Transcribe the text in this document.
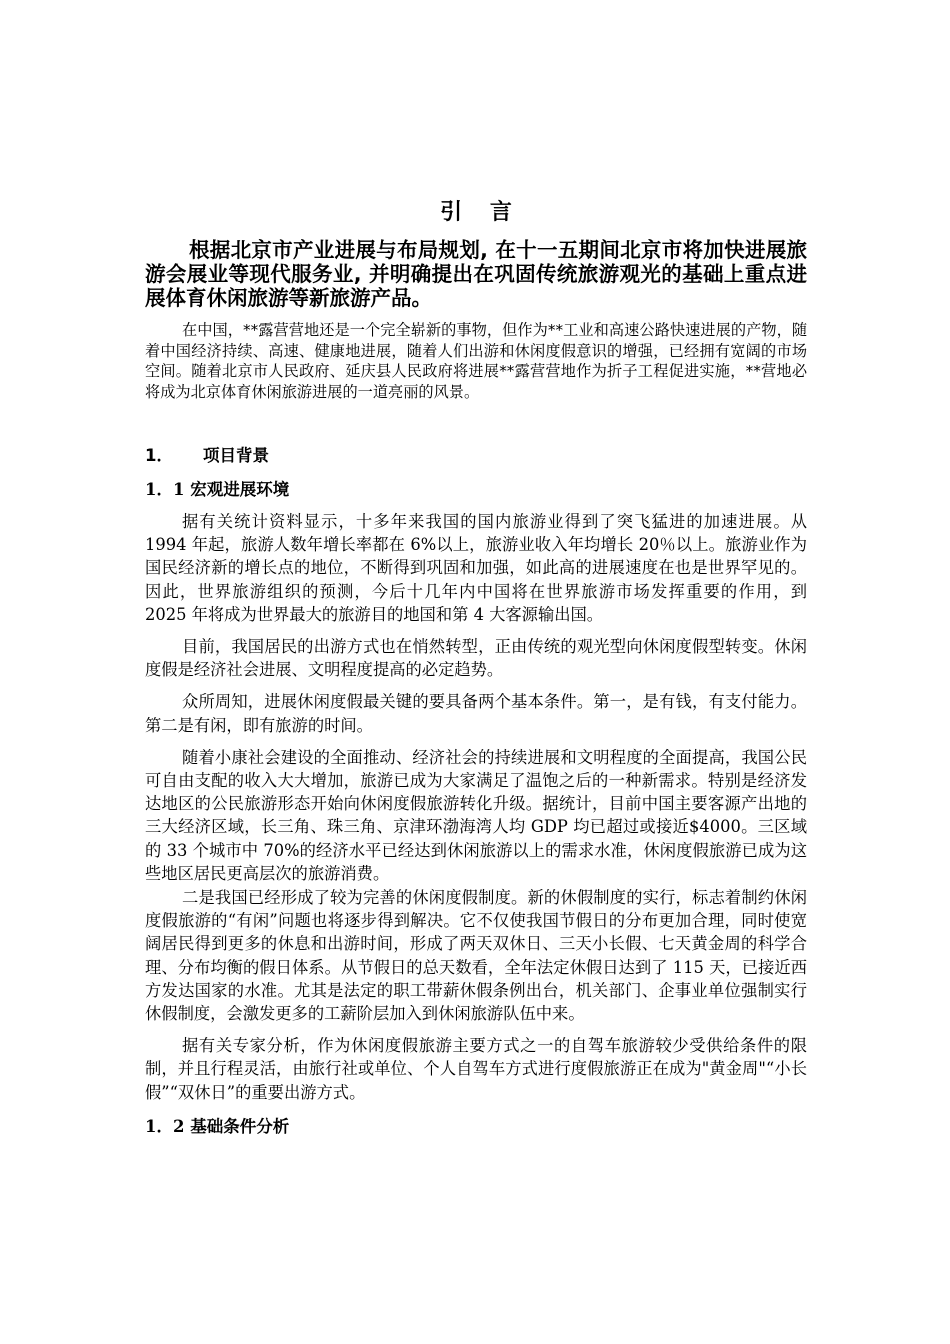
引 言

根据北京市产业进展与布局规划, 在十一五期间北京市将加快进展旅游会展业等现代服务业, 并明确提出在巩固传统旅游观光的基础上重点进展体育休闲旅游等新旅游产品。

在中国，**露营营地还是一个完全崭新的事物，但作为**工业和高速公路快速进展的产物，随着中国经济持续、高速、健康地进展，随着人们出游和休闲度假意识的增强，已经拥有宽阔的市场空间。随着北京市人民政府、延庆县人民政府将进展**露营营地作为折子工程促进实施，**营地必将成为北京体育休闲旅游进展的一道亮丽的风景。

1．	项目背景
1．1 宏观进展环境

据有关统计资料显示，十多年来我国的国内旅游业得到了突飞猛进的加速进展。从 1994 年起，旅游人数年增长率都在 6%以上，旅游业收入年均增长 20％以上。旅游业作为国民经济新的增长点的地位，不断得到巩固和加强，如此高的进展速度在也是世界罕见的。因此，世界旅游组织的预测，今后十几年内中国将在世界旅游市场发挥重要的作用，到 2025 年将成为世界最大的旅游目的地国和第 4 大客源输出国。

目前，我国居民的出游方式也在悄然转型，正由传统的观光型向休闲度假型转变。休闲度假是经济社会进展、文明程度提高的必定趋势。

众所周知，进展休闲度假最关键的要具备两个基本条件。第一，是有钱，有支付能力。第二是有闲，即有旅游的时间。

随着小康社会建设的全面推动、经济社会的持续进展和文明程度的全面提高，我国公民可自由支配的收入大大增加，旅游已成为大家满足了温饱之后的一种新需求。特别是经济发达地区的公民旅游形态开始向休闲度假旅游转化升级。据统计，目前中国主要客源产出地的三大经济区域，长三角、珠三角、京津环渤海湾人均 GDP 均已超过或接近$4000。三区域的 33 个城市中 70%的经济水平已经达到休闲旅游以上的需求水准，休闲度假旅游已成为这些地区居民更高层次的旅游消费。

二是我国已经形成了较为完善的休闲度假制度。新的休假制度的实行，标志着制约休闲度假旅游的“有闲”问题也将逐步得到解决。它不仅使我国节假日的分布更加合理，同时使宽阔居民得到更多的休息和出游时间，形成了两天双休日、三天小长假、七天黄金周的科学合理、分布均衡的假日体系。从节假日的总天数看，全年法定休假日达到了 115 天，已接近西方发达国家的水准。尤其是法定的职工带薪休假条例出台，机关部门、企事业单位强制实行休假制度，会激发更多的工薪阶层加入到休闲旅游队伍中来。

据有关专家分析，作为休闲度假旅游主要方式之一的自驾车旅游较少受供给条件的限制，并且行程灵活，由旅行社或单位、个人自驾车方式进行度假旅游正在成为"黄金周"“小长假”“双休日”的重要出游方式。

1．2 基础条件分析
